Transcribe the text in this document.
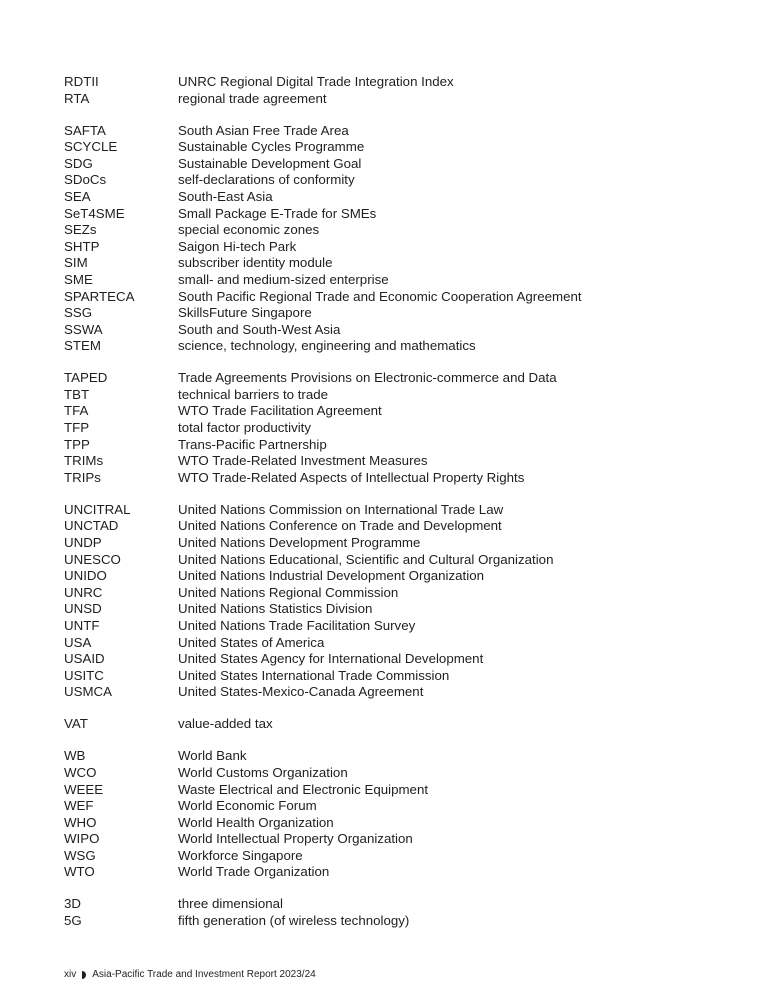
RDTII	UNRC Regional Digital Trade Integration Index
RTA	regional trade agreement
SAFTA	South Asian Free Trade Area
SCYCLE	Sustainable Cycles Programme
SDG	Sustainable Development Goal
SDoCs	self-declarations of conformity
SEA	South-East Asia
SeT4SME	Small Package E-Trade for SMEs
SEZs	special economic zones
SHTP	Saigon Hi-tech Park
SIM	subscriber identity module
SME	small- and medium-sized enterprise
SPARTECA	South Pacific Regional Trade and Economic Cooperation Agreement
SSG	SkillsFuture Singapore
SSWA	South and South-West Asia
STEM	science, technology, engineering and mathematics
TAPED	Trade Agreements Provisions on Electronic-commerce and Data
TBT	technical barriers to trade
TFA	WTO Trade Facilitation Agreement
TFP	total factor productivity
TPP	Trans-Pacific Partnership
TRIMs	WTO Trade-Related Investment Measures
TRIPs	WTO Trade-Related Aspects of Intellectual Property Rights
UNCITRAL	United Nations Commission on International Trade Law
UNCTAD	United Nations Conference on Trade and Development
UNDP	United Nations Development Programme
UNESCO	United Nations Educational, Scientific and Cultural Organization
UNIDO	United Nations Industrial Development Organization
UNRC	United Nations Regional Commission
UNSD	United Nations Statistics Division
UNTF	United Nations Trade Facilitation Survey
USA	United States of America
USAID	United States Agency for International Development
USITC	United States International Trade Commission
USMCA	United States-Mexico-Canada Agreement
VAT	value-added tax
WB	World Bank
WCO	World Customs Organization
WEEE	Waste Electrical and Electronic Equipment
WEF	World Economic Forum
WHO	World Health Organization
WIPO	World Intellectual Property Organization
WSG	Workforce Singapore
WTO	World Trade Organization
3D	three dimensional
5G	fifth generation (of wireless technology)
xiv Asia-Pacific Trade and Investment Report 2023/24
